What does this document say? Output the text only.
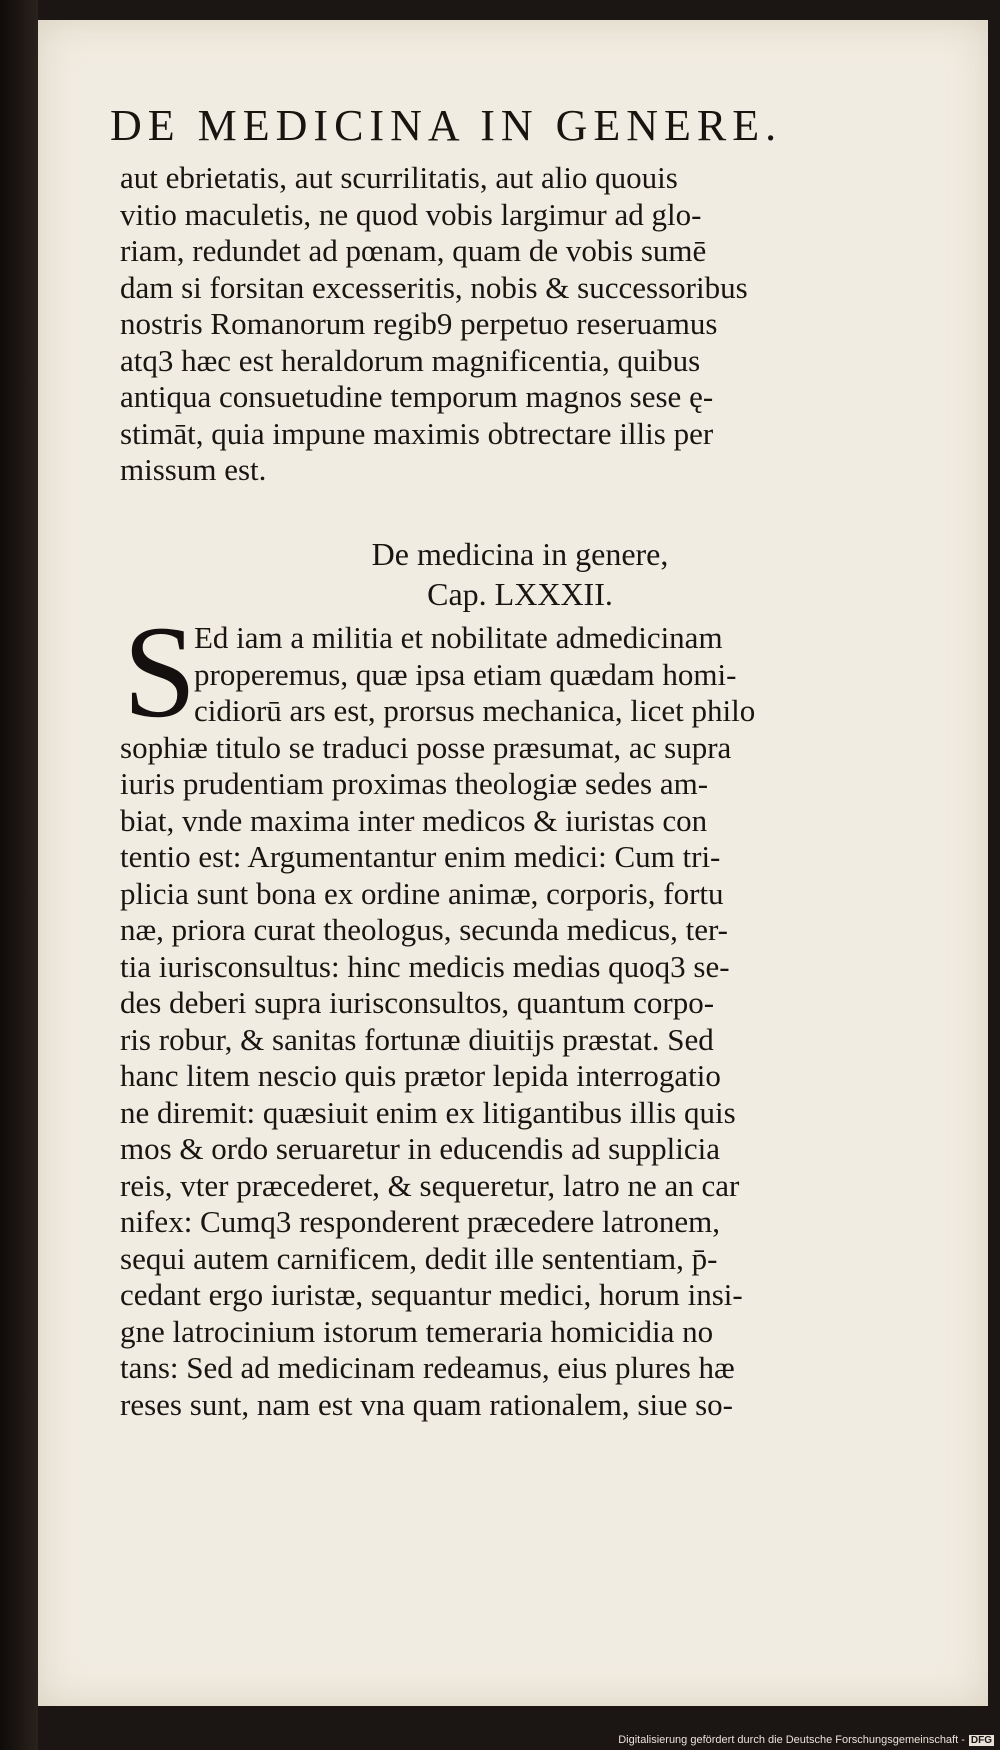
DE MEDICINA IN GENERE.
aut ebrietatis, aut scurrilitatis, aut alio quouis
vitio maculetis, ne quod vobis largimur ad glo-
riam, redundet ad pœnam, quam de vobis sumē
dam si forsitan excesseritis, nobis & successoribus
nostris Romanorum regib9 perpetuo reseruamus
atq3 hæc est heraldorum magnificentia, quibus
antiqua consuetudine temporum magnos sese ę-
stimāt, quia impune maximis obtrectare illis per
missum est.
De medicina in genere,
Cap. LXXXII.
S
Ed iam a militia et nobilitate admedicinam
properemus, quæ ipsa etiam quædam homi-
cidiorū ars est, prorsus mechanica, licet philo
sophiæ titulo se traduci posse præsumat, ac supra
iuris prudentiam proximas theologiæ sedes am-
biat, vnde maxima inter medicos & iuristas con
tentio est: Argumentantur enim medici: Cum tri-
plicia sunt bona ex ordine animæ, corporis, fortu
næ, priora curat theologus, secunda medicus, ter-
tia iurisconsultus: hinc medicis medias quoq3 se-
des deberi supra iurisconsultos, quantum corpo-
ris robur, & sanitas fortunæ diuitijs præstat. Sed
hanc litem nescio quis prætor lepida interrogatio
ne diremit: quæsiuit enim ex litigantibus illis quis
mos & ordo seruaretur in educendis ad supplicia
reis, vter præcederet, & sequeretur, latro ne an car
nifex: Cumq3 responderent præcedere latronem,
sequi autem carnificem, dedit ille sententiam, p̄-
cedant ergo iuristæ, sequantur medici, horum insi-
gne latrocinium istorum temeraria homicidia no
tans: Sed ad medicinam redeamus, eius plures hæ
reses sunt, nam est vna quam rationalem, siue so-
Digitalisierung gefördert durch die Deutsche Forschungsgemeinschaft - DFG
